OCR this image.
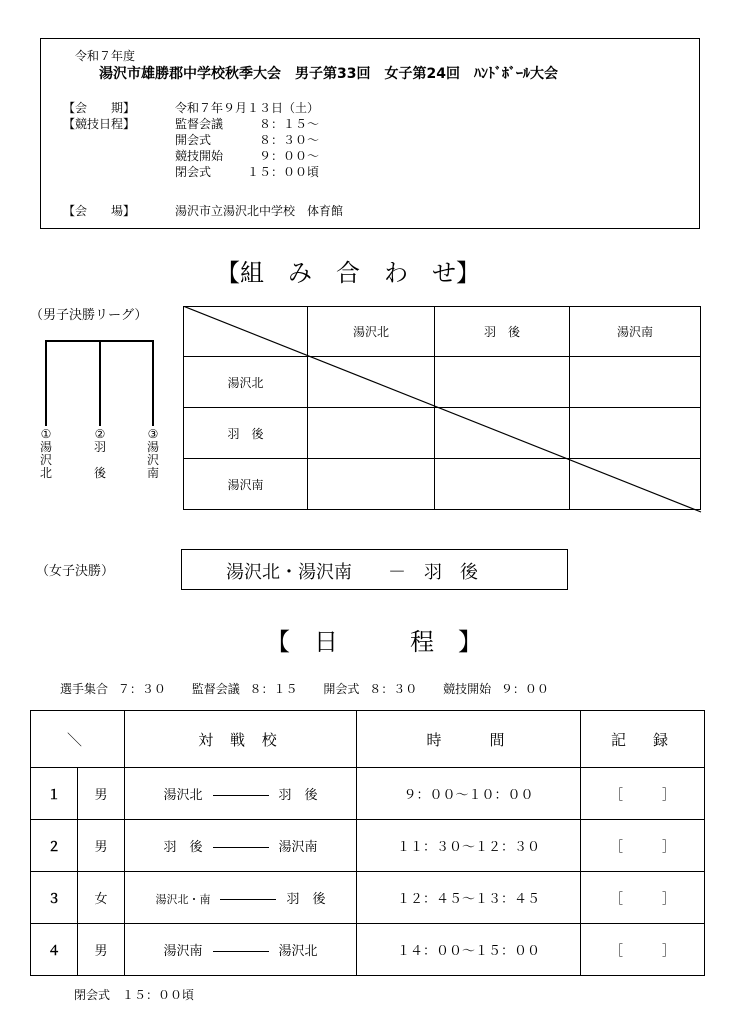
令和７年度
湯沢市雄勝郡中学校秋季大会　男子第33回　女子第24回　ﾊﾝﾄﾞﾎﾞｰﾙ大会
【会　　期】	令和７年９月１３日（土）
【競技日程】	監督会議	８：１５～
開会式	８：３０～
競技開始	９：００～
閉会式	１５：００頃
【会　　場】	湯沢市立湯沢北中学校　体育館
【組　み　合　わ　せ】
（男子決勝リーグ）
①
湯
沢
北
②
羽
後
③
湯
沢
南
	湯沢北	羽　後	湯沢南
湯沢北			
羽　後			
湯沢南			
（女子決勝）	湯沢北・湯沢南　　－　羽　後
【　日　　　程　】
選手集合 ７：３０ 監督会議 ８：１５ 開会式 ８：３０ 競技開始 ９：００
＼		対 戦 校	時　　間	記　録
１	男	湯沢北 羽　後	９：００～１０：００	［　　　］
２	男	羽　後 湯沢南	１１：３０～１２：３０	［　　　］
３	女	湯沢北・南 羽　後	１２：４５～１３：４５	［　　　］
４	男	湯沢南 湯沢北	１４：００～１５：００	［　　　］
閉会式　１５：００頃
